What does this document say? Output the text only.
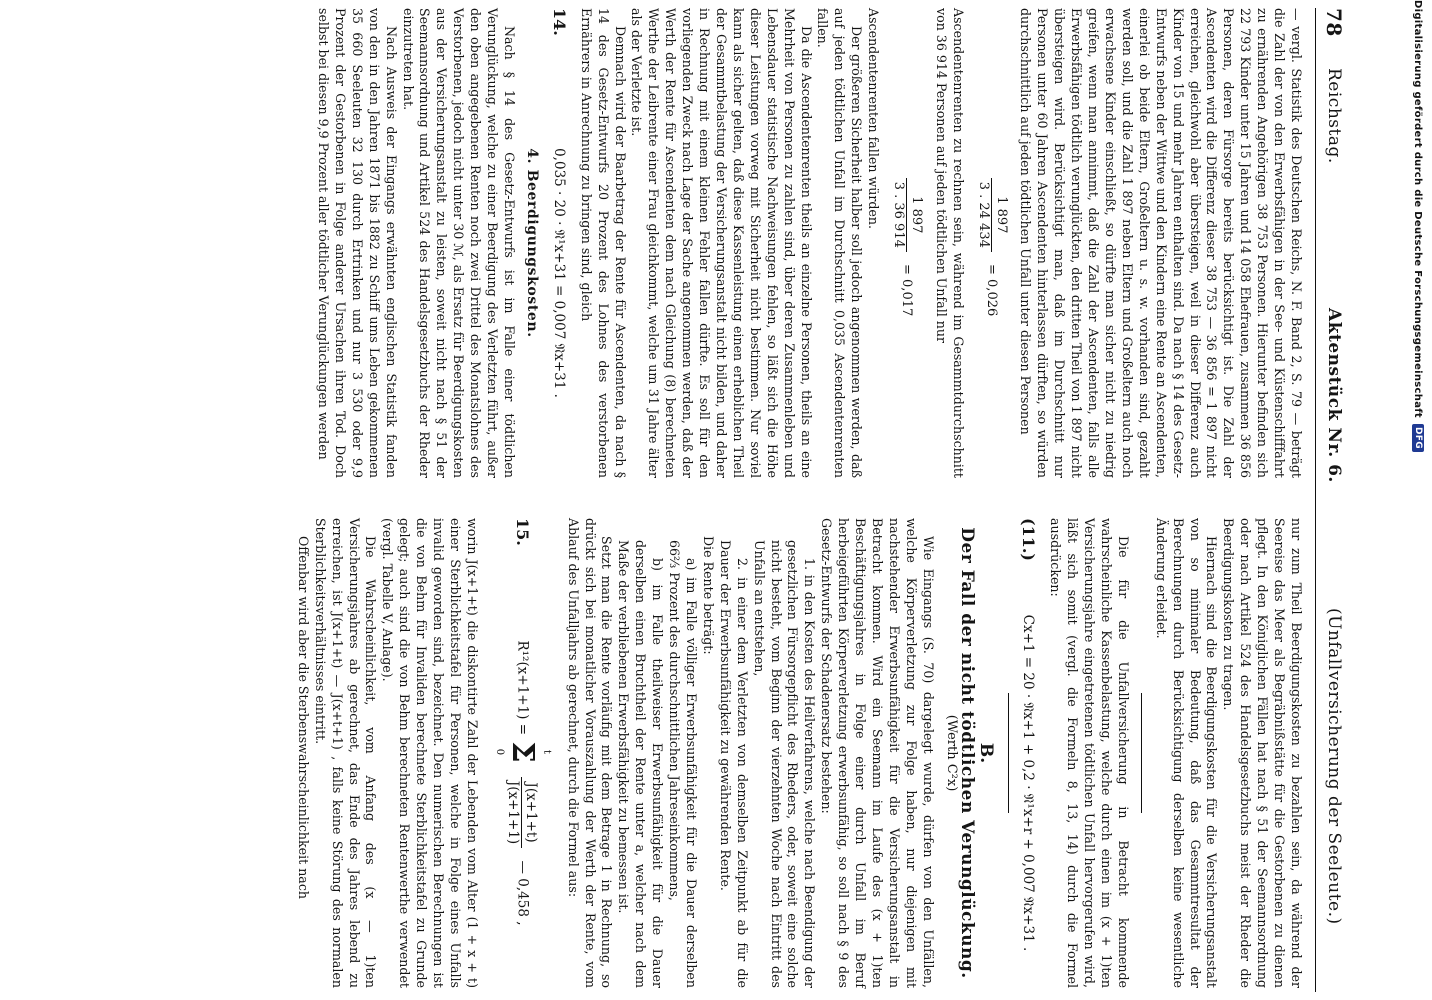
78
Reichstag.
Aktenstück Nr. 6.
(Unfallversicherung der Seeleute.)

— vergl. Statistik des Deutschen Reichs, N. F. Band 2, S. 79 — beträgt die Zahl der von den Erwerbsfähigen in der See- und Küstenschifffahrt zu ernährenden Angehörigen 38 753 Personen. Hierunter befinden sich 22 793 Kinder unter 15 Jahren und 14 058 Ehefrauen, zusammen 36 856 Personen, deren Fürsorge bereits berücksichtigt ist. Die Zahl der Ascendenten wird die Differenz dieser 38 753 — 36 856 = 1 897 nicht erreichen, gleichwohl aber übersteigen, weil in dieser Differenz auch Kinder von 15 und mehr Jahren enthalten sind. Da nach § 14 des Gesetz-Entwurfs neben der Wittwe und den Kindern eine Rente an Ascendenten, einerlei ob beide Eltern, Großeltern u. s. w. vorhanden sind, gezahlt werden soll, und die Zahl 1 897 neben Eltern und Großeltern auch noch erwachsene Kinder einschließt, so dürfte man sicher nicht zu niedrig greifen, wenn man annimmt, daß die Zahl der Ascendenten, falls alle Erwerbsfähigen tödtlich verunglückten, den dritten Theil von 1 897 nicht übersteigen wird. Berücksichtigt man, daß im Durchschnitt nur Personen unter 60 Jahren Ascendenten hinterlassen dürften, so würden durchschnittlich auf jeden tödtlichen Unfall unter diesen Personen

1 897
3 . 24 434
= 0,026

Ascendentenrenten zu rechnen sein, während im Gesammtdurchschnitt von 36 914 Personen auf jeden tödtlichen Unfall nur

1 897
3 . 36 914
= 0,017

Ascendentenrenten fallen würden.

Der größeren Sicherheit halber soll jedoch angenommen werden, daß auf jeden tödtlichen Unfall im Durchschnitt 0,035 Ascendentenrenten fallen.

Da die Ascendentenrenten theils an einzelne Personen, theils an eine Mehrheit von Personen zu zahlen sind, über deren Zusammenleben und Lebensdauer statistische Nachweisungen fehlen, so läßt sich die Höhe dieser Leistungen vorweg mit Sicherheit nicht bestimmen. Nur soviel kann als sicher gelten, daß diese Kassenleistung einen erheblichen Theil der Gesammtbelastung der Versicherungsanstalt nicht bilden, und daher in Rechnung mit einem kleinen Fehler fallen dürfte. Es soll für den vorliegenden Zweck nach Lage der Sache angenommen werden, daß der Werth der Rente für Ascendenten dem nach Gleichung (8) berechneten Werthe der Leibrente einer Frau gleichkommt, welche um 31 Jahre älter als der Verletzte ist.

Demnach wird der Baarbetrag der Rente für Ascendenten, da nach § 14 des Gesetz-Entwurfs 20 Prozent des Lohnes des verstorbenen Ernährers in Anrechnung zu bringen sind, gleich

14.
0,035 · 20 · 𝔑¹x+31 = 0,007 𝔑x+31 .
4. Beerdigungskosten.

Nach § 14 des Gesetz-Entwurfs ist im Falle einer tödtlichen Verunglückung, welche zu einer Beerdigung des Verletzten führt, außer den oben angegebenen Renten noch zwei Drittel des Monatslohnes des Verstorbenen, jedoch nicht unter 30 ℳ, als Ersatz für Beerdigungskosten aus der Versicherungsanstalt zu leisten, soweit nicht nach § 51 der Seemannsordnung und Artikel 524 des Handelsgesetzbuchs der Rheder einzutreten hat.

Nach Ausweis der Eingangs erwähnten englischen Statistik fanden von den in den Jahren 1871 bis 1882 zu Schiff ums Leben gekommenen 35 660 Seeleuten 32 130 durch Ertrinken und nur 3 530 oder 9,9 Prozent der Gestorbenen in Folge anderer Ursachen ihren Tod. Doch selbst bei diesen 9,9 Prozent aller tödtlicher Verunglückungen werden

nur zum Theil Beerdigungskosten zu bezahlen sein, da während der Seereise das Meer als Begräbnißstätte für die Gestorbenen zu dienen pflegt. In den Königlichen Fällen hat nach § 51 der Seemannsordnung oder nach Artikel 524 des Handelsgesetzbuchs meist der Rheder die Beerdigungskosten zu tragen.

Hiernach sind die Beerdigungskosten für die Versicherungsanstalt von so minimaler Bedeutung, daß das Gesammtresultat der Berechnungen durch Berücksichtigung derselben keine wesentliche Änderung erleidet.

Die für die Unfallversicherung in Betracht kommende wahrscheinliche Kassenbelastung, welche durch einen im (x + 1)ten Versicherungsjahre eingetretenen tödtlichen Unfall hervorgerufen wird, läßt sich somit (vergl. die Formeln 8, 13, 14) durch die Formel ausdrücken:

(11.)
Cx+1 = 20 · 𝔑x+1 + 0,2 · 𝔑¹x+r + 0,007 𝔑x+31 .
B.
Der Fall der nicht tödtlichen Verunglückung.
(Werth C²x)

Wie Eingangs (S. 70) dargelegt wurde, dürfen von den Unfällen, welche Körperverletzung zur Folge haben, nur diejenigen mit nachstehender Erwerbsunfähigkeit für die Versicherungsanstalt in Betracht kommen. Wird ein Seemann im Laufe des (x + 1)ten Beschäftigungsjahres in Folge einer durch Unfall im Beruf herbeigeführten Körperverletzung erwerbsunfähig, so soll nach § 9 des Gesetz-Entwurfs der Schadenersatz bestehen:

1. in den Kosten des Heilverfahrens, welche nach Beendigung der gesetzlichen Fürsorgepflicht des Rheders, oder, soweit eine solche nicht besteht, vom Beginn der vierzehnten Woche nach Eintritt des Unfalls an entstehen,

2. in einer dem Verletzten von demselben Zeitpunkt ab für die Dauer der Erwerbsunfähigkeit zu gewährenden Rente.

Die Rente beträgt:

a) im Falle völliger Erwerbsunfähigkeit für die Dauer derselben 66⅔ Prozent des durchschnittlichen Jahreseinkommens,

b) im Falle theilweiser Erwerbsunfähigkeit für die Dauer derselben einen Bruchtheil der Rente unter a, welcher nach dem Maße der verbliebenen Erwerbsfähigkeit zu bemessen ist.

Setzt man die Rente vorläufig mit dem Betrage 1 in Rechnung, so drückt sich bei monatlicher Vorauszahlung der Werth der Rente, vom Ablauf des Unfalljahrs ab gerechnet, durch die Formel aus:

15.
R¹²(x+1+1) =
t
Σ
0

J(x+1+t)
J(x+1+1)
— 0,458 ,

worin J(x+1+t) die diskontirte Zahl der Lebenden vom Alter (1 + x + t) einer Sterblichkeitstafel für Personen, welche in Folge eines Unfalls invalid geworden sind, bezeichnet. Den numerischen Berechnungen ist die von Behm für Invaliden berechnete Sterblichkeitstafel zu Grunde gelegt; auch sind die von Behm berechneten Rentenwerthe verwendet (vergl. Tabelle V, Anlage).

Die Wahrscheinlichkeit, vom Anfang des (x — 1)ten Versicherungsjahres ab gerechnet, das Ende des Jahres lebend zu erreichen, ist J(x+1+t) — J(x+t+1) , falls keine Störung des normalen Sterblichkeitsverhältnisses eintritt.

Offenbar wird aber die Sterbenswahrscheinlichkeit nach

Digitalisierung gefördert durch die Deutsche Forschungsgemeinschaft
DFG
